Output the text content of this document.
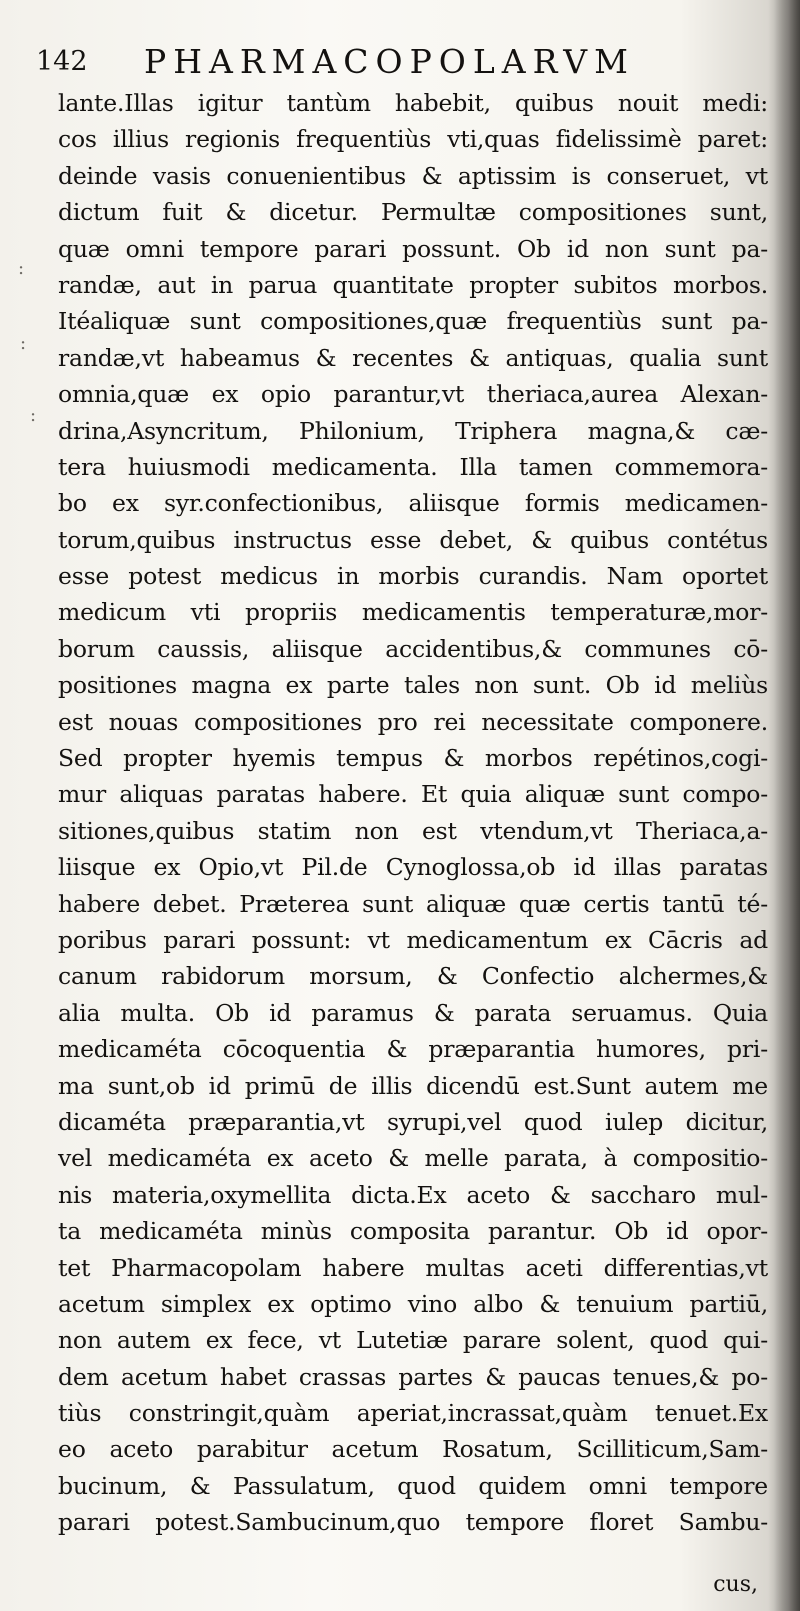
142 PHARMACOPOLARVM
lante.Illas igitur tantùm habebit, quibus nouit medi:
cos illius regionis frequentiùs vti,quas fidelissimè paret:
deinde vasis conuenientibus & aptissim is conseruet, vt
dictum fuit & dicetur. Permultæ compositiones sunt,
quæ omni tempore parari possunt. Ob id non sunt pa-
randæ, aut in parua quantitate propter subitos morbos.
Itéaliquæ sunt compositiones,quæ frequentiùs sunt pa-
randæ,vt habeamus & recentes & antiquas, qualia sunt
omnia,quæ ex opio parantur,vt theriaca,aurea Alexan-
drina,Asyncritum, Philonium, Triphera magna,& cæ-
tera huiusmodi medicamenta. Illa tamen commemora-
bo ex syr.confectionibus, aliisque formis medicamen-
torum,quibus instructus esse debet, & quibus contétus
esse potest medicus in morbis curandis. Nam oportet
medicum vti propriis medicamentis temperaturæ,mor-
borum caussis, aliisque accidentibus,& communes cō-
positiones magna ex parte tales non sunt. Ob id meliùs
est nouas compositiones pro rei necessitate componere.
Sed propter hyemis tempus & morbos repétinos,cogi-
mur aliquas paratas habere. Et quia aliquæ sunt compo-
sitiones,quibus statim non est vtendum,vt Theriaca,a-
liisque ex Opio,vt Pil.de Cynoglossa,ob id illas paratas
habere debet. Præterea sunt aliquæ quæ certis tantū té-
poribus parari possunt: vt medicamentum ex Cācris ad
canum rabidorum morsum, & Confectio alchermes,&
alia multa. Ob id paramus & parata seruamus. Quia
medicaméta cōcoquentia & præparantia humores, pri-
ma sunt,ob id primū de illis dicendū est.Sunt autem me
dicaméta præparantia,vt syrupi,vel quod iulep dicitur,
vel medicaméta ex aceto & melle parata, à compositio-
nis materia,oxymellita dicta.Ex aceto & saccharo mul-
ta medicaméta minùs composita parantur. Ob id opor-
tet Pharmacopolam habere multas aceti differentias,vt
acetum simplex ex optimo vino albo & tenuium partiū,
non autem ex fece, vt Lutetiæ parare solent, quod qui-
dem acetum habet crassas partes & paucas tenues,& po-
tiùs constringit,quàm aperiat,incrassat,quàm tenuet.Ex
eo aceto parabitur acetum Rosatum, Scilliticum,Sam-
bucinum, & Passulatum, quod quidem omni tempore
parari potest.Sambucinum,quo tempore floret Sambu-
:
:
:
cus,
